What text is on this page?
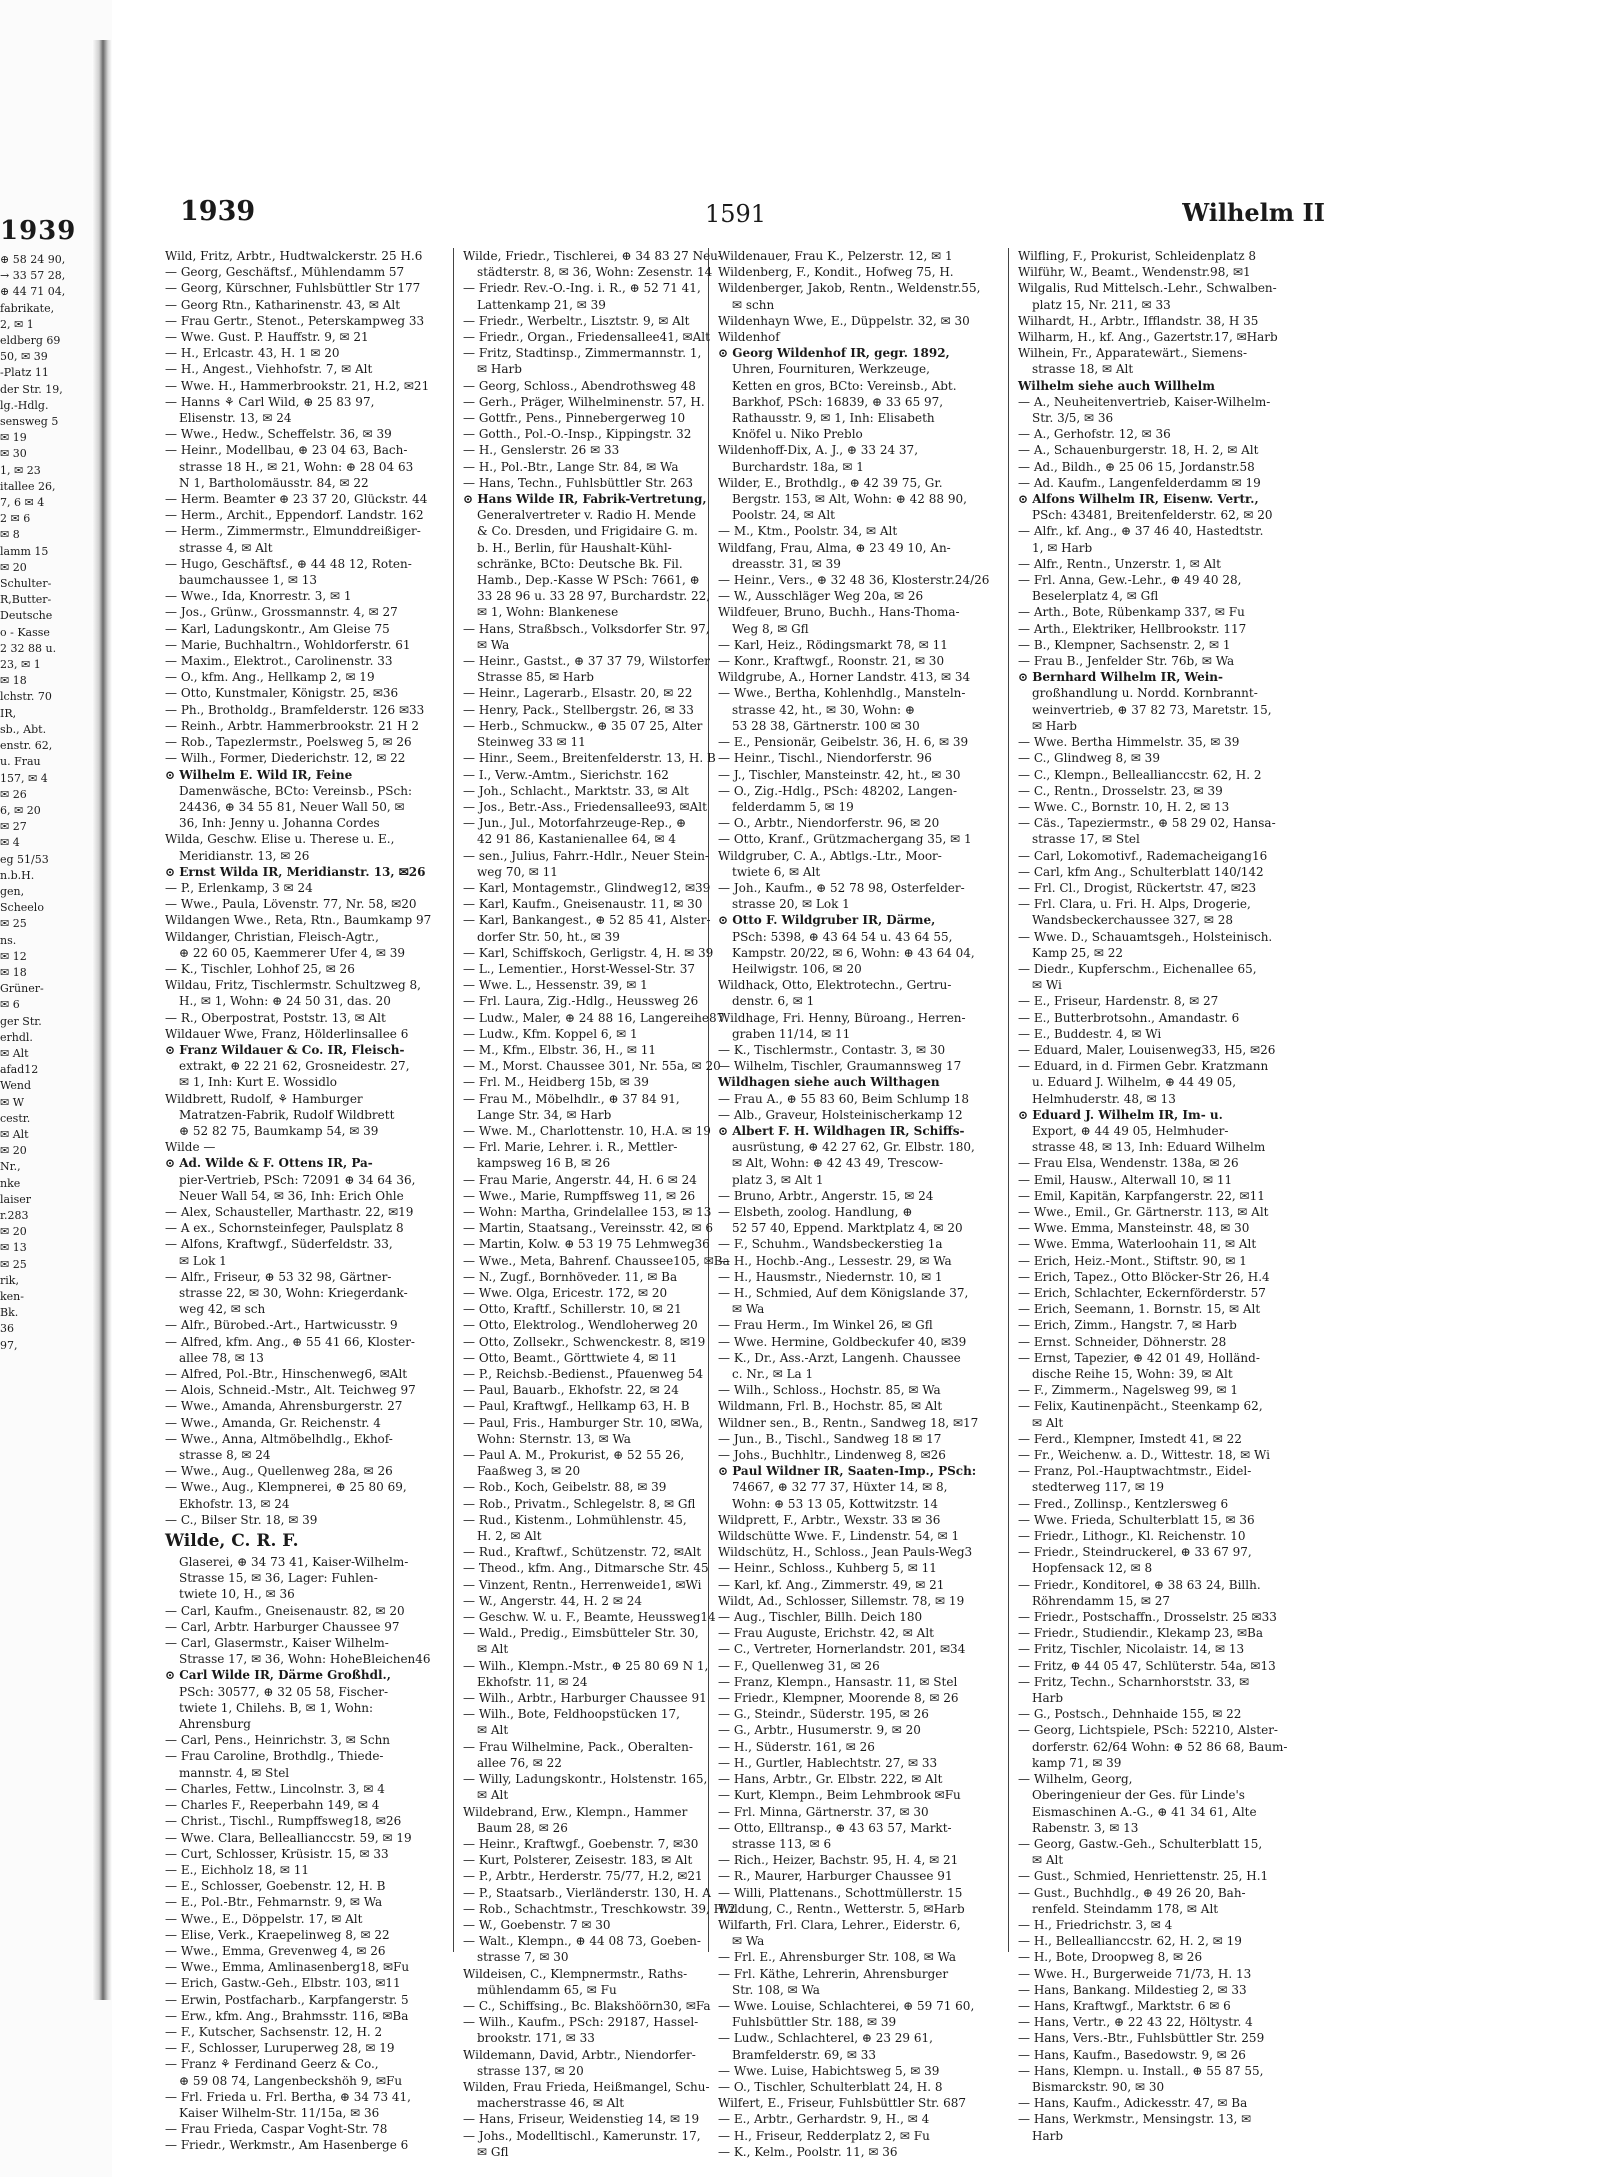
1939
⊕ 58 24 90,
→ 33 57 28,
⊕ 44 71 04,
fabrikate,
2, ✉ 1
eldberg 69
50, ✉ 39
-Platz 11
der Str. 19,
lg.-Hdlg.
sensweg 5
✉ 19
✉ 30
1, ✉ 23
itallee 26,
7, 6 ✉ 4
2 ✉ 6
✉ 8
lamm 15
✉ 20
Schulter-
R,Butter-
Deutsche
o - Kasse
2 32 88 u.
23, ✉ 1
✉ 18
lchstr. 70
IR,
sb., Abt.
enstr. 62,
u. Frau
157, ✉ 4
✉ 26
6, ✉ 20
✉ 27
✉ 4
eg 51/53
n.b.H.
gen,
Scheelo
✉ 25
ns.
✉ 12
✉ 18
Grüner-
✉ 6
ger Str.
erhdl.
✉ Alt
afad12
Wend
✉ W
cestr.
✉ Alt
✉ 20
Nr.,
nke
laiser
r.283
✉ 20
✉ 13
✉ 25
rik,
ken-
Bk.
36
97,
1939	1591	Wilhelm II
Wild, Fritz, Arbtr., Hudtwalckerstr. 25 H.6
— Georg, Geschäftsf., Mühlendamm 57
— Georg, Kürschner, Fuhlsbüttler Str 177
— Georg Rtn., Katharinenstr. 43, ✉ Alt
— Frau Gertr., Stenot., Peterskampweg 33
— Wwe. Gust. P. Hauffstr. 9, ✉ 21
— H., Erlcastr. 43, H. 1 ✉ 20
— H., Angest., Viehhofstr. 7, ✉ Alt
— Wwe. H., Hammerbrookstr. 21, H.2, ✉21
— Hanns ⚘ Carl Wild, ⊕ 25 83 97,
Elisenstr. 13, ✉ 24
— Wwe., Hedw., Scheffelstr. 36, ✉ 39
— Heinr., Modellbau, ⊕ 23 04 63, Bach-
strasse 18 H., ✉ 21, Wohn: ⊕ 28 04 63
N 1, Bartholomäusstr. 84, ✉ 22
— Herm. Beamter ⊕ 23 37 20, Glückstr. 44
— Herm., Archit., Eppendorf. Landstr. 162
— Herm., Zimmermstr., Elmunddreißiger-
strasse 4, ✉ Alt
— Hugo, Geschäftsf., ⊕ 44 48 12, Roten-
baumchaussee 1, ✉ 13
— Wwe., Ida, Knorrestr. 3, ✉ 1
— Jos., Grünw., Grossmannstr. 4, ✉ 27
— Karl, Ladungskontr., Am Gleise 75
— Marie, Buchhaltrn., Wohldorferstr. 61
— Maxim., Elektrot., Carolinenstr. 33
— O., kfm. Ang., Hellkamp 2, ✉ 19
— Otto, Kunstmaler, Königstr. 25, ✉36
— Ph., Brotholdg., Bramfelderstr. 126 ✉33
— Reinh., Arbtr. Hammerbrookstr. 21 H 2
— Rob., Tapezlermstr., Poelsweg 5, ✉ 26
— Wilh., Former, Diederichstr. 12, ✉ 22
⊙ Wilhelm E. Wild IR, Feine
Damenwäsche, BCto: Vereinsb., PSch:
24436, ⊕ 34 55 81, Neuer Wall 50, ✉
36, Inh: Jenny u. Johanna Cordes
Wilda, Geschw. Elise u. Therese u. E.,
Meridianstr. 13, ✉ 26
⊙ Ernst Wilda IR, Meridianstr. 13, ✉26
— P., Erlenkamp, 3 ✉ 24
— Wwe., Paula, Lövenstr. 77, Nr. 58, ✉20
Wildangen Wwe., Reta, Rtn., Baumkamp 97
Wildanger, Christian, Fleisch-Agtr.,
⊕ 22 60 05, Kaemmerer Ufer 4, ✉ 39
— K., Tischler, Lohhof 25, ✉ 26
Wildau, Fritz, Tischlermstr. Schultzweg 8,
H., ✉ 1, Wohn: ⊕ 24 50 31, das. 20
— R., Oberpostrat, Poststr. 13, ✉ Alt
Wildauer Wwe, Franz, Hölderlinsallee 6
⊙ Franz Wildauer & Co. IR, Fleisch-
extrakt, ⊕ 22 21 62, Grosneidestr. 27,
✉ 1, Inh: Kurt E. Wossidlo
Wildbrett, Rudolf, ⚘ Hamburger
Matratzen-Fabrik, Rudolf Wildbrett
⊕ 52 82 75, Baumkamp 54, ✉ 39
Wilde —
⊙ Ad. Wilde & F. Ottens IR, Pa-
pier-Vertrieb, PSch: 72091 ⊕ 34 64 36,
Neuer Wall 54, ✉ 36, Inh: Erich Ohle
— Alex, Schausteller, Marthastr. 22, ✉19
— A ex., Schornsteinfeger, Paulsplatz 8
— Alfons, Kraftwgf., Süderfeldstr. 33,
✉ Lok 1
— Alfr., Friseur, ⊕ 53 32 98, Gärtner-
strasse 22, ✉ 30, Wohn: Kriegerdank-
weg 42, ✉ sch
— Alfr., Bürobed.-Art., Hartwicusstr. 9
— Alfred, kfm. Ang., ⊕ 55 41 66, Kloster-
allee 78, ✉ 13
— Alfred, Pol.-Btr., Hinschenweg6, ✉Alt
— Alois, Schneid.-Mstr., Alt. Teichweg 97
— Wwe., Amanda, Ahrensburgerstr. 27
— Wwe., Amanda, Gr. Reichenstr. 4
— Wwe., Anna, Altmöbelhdlg., Ekhof-
strasse 8, ✉ 24
— Wwe., Aug., Quellenweg 28a, ✉ 26
— Wwe., Aug., Klempnerei, ⊕ 25 80 69,
Ekhofstr. 13, ✉ 24
— C., Bilser Str. 18, ✉ 39
Wilde, C. R. F.
Glaserei, ⊕ 34 73 41, Kaiser-Wilhelm-
Strasse 15, ✉ 36, Lager: Fuhlen-
twiete 10, H., ✉ 36
— Carl, Kaufm., Gneisenaustr. 82, ✉ 20
— Carl, Arbtr. Harburger Chaussee 97
— Carl, Glasermstr., Kaiser Wilhelm-
Strasse 17, ✉ 36, Wohn: HoheBleichen46
⊙ Carl Wilde IR, Därme Großhdl.,
PSch: 30577, ⊕ 32 05 58, Fischer-
twiete 1, Chilehs. B, ✉ 1, Wohn:
Ahrensburg
— Carl, Pens., Heinrichstr. 3, ✉ Schn
— Frau Caroline, Brothdlg., Thiede-
mannstr. 4, ✉ Stel
— Charles, Fettw., Lincolnstr. 3, ✉ 4
— Charles F., Reeperbahn 149, ✉ 4
— Christ., Tischl., Rumpffsweg18, ✉26
— Wwe. Clara, Belleallianccstr. 59, ✉ 19
— Curt, Schlosser, Krüsistr. 15, ✉ 33
— E., Eichholz 18, ✉ 11
— E., Schlosser, Goebenstr. 12, H. B
— E., Pol.-Btr., Fehmarnstr. 9, ✉ Wa
— Wwe., E., Döppelstr. 17, ✉ Alt
— Elise, Verk., Kraepelinweg 8, ✉ 22
— Wwe., Emma, Grevenweg 4, ✉ 26
— Wwe., Emma, Amlinasenberg18, ✉Fu
— Erich, Gastw.-Geh., Elbstr. 103, ✉11
— Erwin, Postfacharb., Karpfangerstr. 5
— Erw., kfm. Ang., Brahmsstr. 116, ✉Ba
— F., Kutscher, Sachsenstr. 12, H. 2
— F., Schlosser, Luruperweg 28, ✉ 19
— Franz ⚘ Ferdinand Geerz & Co.,
⊕ 59 08 74, Langenbeckshöh 9, ✉Fu
— Frl. Frieda u. Frl. Bertha, ⊕ 34 73 41,
Kaiser Wilhelm-Str. 11/15a, ✉ 36
— Frau Frieda, Caspar Voght-Str. 78
— Friedr., Werkmstr., Am Hasenberge 6
Wilde, Friedr., Tischlerei, ⊕ 34 83 27 Neu-
städterstr. 8, ✉ 36, Wohn: Zesenstr. 14
— Friedr. Rev.-O.-Ing. i. R., ⊕ 52 71 41,
Lattenkamp 21, ✉ 39
— Friedr., Werbeltr., Lisztstr. 9, ✉ Alt
— Friedr., Organ., Friedensallee41, ✉Alt
— Fritz, Stadtinsp., Zimmermannstr. 1,
✉ Harb
— Georg, Schloss., Abendrothsweg 48
— Gerh., Präger, Wilhelminenstr. 57, H.
— Gottfr., Pens., Pinnebergerweg 10
— Gotth., Pol.-O.-Insp., Kippingstr. 32
— H., Genslerstr. 26 ✉ 33
— H., Pol.-Btr., Lange Str. 84, ✉ Wa
— Hans, Techn., Fuhlsbüttler Str. 263
⊙ Hans Wilde IR, Fabrik-Vertretung,
Generalvertreter v. Radio H. Mende
& Co. Dresden, und Frigidaire G. m.
b. H., Berlin, für Haushalt-Kühl-
schränke, BCto: Deutsche Bk. Fil.
Hamb., Dep.-Kasse W PSch: 7661, ⊕
33 28 96 u. 33 28 97, Burchardstr. 22,
✉ 1, Wohn: Blankenese
— Hans, Straßbsch., Volksdorfer Str. 97,
✉ Wa
— Heinr., Gastst., ⊕ 37 37 79, Wilstorfer
Strasse 85, ✉ Harb
— Heinr., Lagerarb., Elsastr. 20, ✉ 22
— Henry, Pack., Stellbergstr. 26, ✉ 33
— Herb., Schmuckw., ⊕ 35 07 25, Alter
Steinweg 33 ✉ 11
— Hinr., Seem., Breitenfelderstr. 13, H. B
— I., Verw.-Amtm., Sierichstr. 162
— Joh., Schlacht., Marktstr. 33, ✉ Alt
— Jos., Betr.-Ass., Friedensallee93, ✉Alt
— Jun., Jul., Motorfahrzeuge-Rep., ⊕
42 91 86, Kastanienallee 64, ✉ 4
— sen., Julius, Fahrr.-Hdlr., Neuer Stein-
weg 70, ✉ 11
— Karl, Montagemstr., Glindweg12, ✉39
— Karl, Kaufm., Gneisenaustr. 11, ✉ 30
— Karl, Bankangest., ⊕ 52 85 41, Alster-
dorfer Str. 50, ht., ✉ 39
— Karl, Schiffskoch, Gerligstr. 4, H. ✉ 39
— L., Lementier., Horst-Wessel-Str. 37
— Wwe. L., Hessenstr. 39, ✉ 1
— Frl. Laura, Zig.-Hdlg., Heussweg 26
— Ludw., Maler, ⊕ 24 88 16, Langereihe87
— Ludw., Kfm. Koppel 6, ✉ 1
— M., Kfm., Elbstr. 36, H., ✉ 11
— M., Morst. Chaussee 301, Nr. 55a, ✉ 20
— Frl. M., Heidberg 15b, ✉ 39
— Frau M., Möbelhdlr., ⊕ 37 84 91,
Lange Str. 34, ✉ Harb
— Wwe. M., Charlottenstr. 10, H.A. ✉ 19
— Frl. Marie, Lehrer. i. R., Mettler-
kampsweg 16 B, ✉ 26
— Frau Marie, Angerstr. 44, H. 6 ✉ 24
— Wwe., Marie, Rumpffsweg 11, ✉ 26
— Wohn: Martha, Grindelallee 153, ✉ 13
— Martin, Staatsang., Vereinsstr. 42, ✉ 6
— Martin, Kolw. ⊕ 53 19 75 Lehmweg36
— Wwe., Meta, Bahrenf. Chaussee105, ✉Ba
— N., Zugf., Bornhöveder. 11, ✉ Ba
— Wwe. Olga, Ericestr. 172, ✉ 20
— Otto, Kraftf., Schillerstr. 10, ✉ 21
— Otto, Elektrolog., Wendloherweg 20
— Otto, Zollsekr., Schwenckestr. 8, ✉19
— Otto, Beamt., Görttwiete 4, ✉ 11
— P., Reichsb.-Bedienst., Pfauenweg 54
— Paul, Bauarb., Ekhofstr. 22, ✉ 24
— Paul, Kraftwgf., Hellkamp 63, H. B
— Paul, Fris., Hamburger Str. 10, ✉Wa,
Wohn: Sternstr. 13, ✉ Wa
— Paul A. M., Prokurist, ⊕ 52 55 26,
Faaßweg 3, ✉ 20
— Rob., Koch, Geibelstr. 88, ✉ 39
— Rob., Privatm., Schlegelstr. 8, ✉ Gfl
— Rud., Kistenm., Lohmühlenstr. 45,
H. 2, ✉ Alt
— Rud., Kraftwf., Schützenstr. 72, ✉Alt
— Theod., kfm. Ang., Ditmarsche Str. 45
— Vinzent, Rentn., Herrenweide1, ✉Wi
— W., Angerstr. 44, H. 2 ✉ 24
— Geschw. W. u. F., Beamte, Heussweg14
— Wald., Predig., Eimsbütteler Str. 30,
✉ Alt
— Wilh., Klempn.-Mstr., ⊕ 25 80 69 N 1,
Ekhofstr. 11, ✉ 24
— Wilh., Arbtr., Harburger Chaussee 91
— Wilh., Bote, Feldhoopstücken 17,
✉ Alt
— Frau Wilhelmine, Pack., Oberalten-
allee 76, ✉ 22
— Willy, Ladungskontr., Holstenstr. 165,
✉ Alt
Wildebrand, Erw., Klempn., Hammer
Baum 28, ✉ 26
— Heinr., Kraftwgf., Goebenstr. 7, ✉30
— Kurt, Polsterer, Zeisestr. 183, ✉ Alt
— P., Arbtr., Herderstr. 75/77, H.2, ✉21
— P., Staatsarb., Vierländerstr. 130, H. A
— Rob., Schachtmstr., Treschkowstr. 39, H.2
— W., Goebenstr. 7 ✉ 30
— Walt., Klempn., ⊕ 44 08 73, Goeben-
strasse 7, ✉ 30
Wildeisen, C., Klempnermstr., Raths-
mühlendamm 65, ✉ Fu
— C., Schiffsing., Bc. Blakshöörn30, ✉Fa
— Wilh., Kaufm., PSch: 29187, Hassel-
brookstr. 171, ✉ 33
Wildemann, David, Arbtr., Niendorfer-
strasse 137, ✉ 20
Wilden, Frau Frieda, Heißmangel, Schu-
macherstrasse 46, ✉ Alt
— Hans, Friseur, Weidenstieg 14, ✉ 19
— Johs., Modelltischl., Kamerunstr. 17,
✉ Gfl
Wildenauer, Frau K., Pelzerstr. 12, ✉ 1
Wildenberg, F., Kondit., Hofweg 75, H.
Wildenberger, Jakob, Rentn., Weldenstr.55,
✉ schn
Wildenhayn Wwe, E., Düppelstr. 32, ✉ 30
Wildenhof
⊙ Georg Wildenhof IR, gegr. 1892,
Uhren, Fournituren, Werkzeuge,
Ketten en gros, BCto: Vereinsb., Abt.
Barkhof, PSch: 16839, ⊕ 33 65 97,
Rathausstr. 9, ✉ 1, Inh: Elisabeth
Knöfel u. Niko Preblo
Wildenhoff-Dix, A. J., ⊕ 33 24 37,
Burchardstr. 18a, ✉ 1
Wilder, E., Brothdlg., ⊕ 42 39 75, Gr.
Bergstr. 153, ✉ Alt, Wohn: ⊕ 42 88 90,
Poolstr. 24, ✉ Alt
— M., Ktm., Poolstr. 34, ✉ Alt
Wildfang, Frau, Alma, ⊕ 23 49 10, An-
dreasstr. 31, ✉ 39
— Heinr., Vers., ⊕ 32 48 36, Klosterstr.24/26
— W., Ausschläger Weg 20a, ✉ 26
Wildfeuer, Bruno, Buchh., Hans-Thoma-
Weg 8, ✉ Gfl
— Karl, Heiz., Rödingsmarkt 78, ✉ 11
— Konr., Kraftwgf., Roonstr. 21, ✉ 30
Wildgrube, A., Horner Landstr. 413, ✉ 34
— Wwe., Bertha, Kohlenhdlg., Mansteln-
strasse 42, ht., ✉ 30, Wohn: ⊕
53 28 38, Gärtnerstr. 100 ✉ 30
— E., Pensionär, Geibelstr. 36, H. 6, ✉ 39
— Heinr., Tischl., Niendorferstr. 96
— J., Tischler, Mansteinstr. 42, ht., ✉ 30
— O., Zig.-Hdlg., PSch: 48202, Langen-
felderdamm 5, ✉ 19
— O., Arbtr., Niendorferstr. 96, ✉ 20
— Otto, Kranf., Grützmachergang 35, ✉ 1
Wildgruber, C. A., Abtlgs.-Ltr., Moor-
twiete 6, ✉ Alt
— Joh., Kaufm., ⊕ 52 78 98, Osterfelder-
strasse 20, ✉ Lok 1
⊙ Otto F. Wildgruber IR, Därme,
PSch: 5398, ⊕ 43 64 54 u. 43 64 55,
Kampstr. 20/22, ✉ 6, Wohn: ⊕ 43 64 04,
Heilwigstr. 106, ✉ 20
Wildhack, Otto, Elektrotechn., Gertru-
denstr. 6, ✉ 1
Wildhage, Fri. Henny, Büroang., Herren-
graben 11/14, ✉ 11
— K., Tischlermstr., Contastr. 3, ✉ 30
— Wilhelm, Tischler, Graumannsweg 17
Wildhagen siehe auch Wilthagen
— Frau A., ⊕ 55 83 60, Beim Schlump 18
— Alb., Graveur, Holsteinischerkamp 12
⊙ Albert F. H. Wildhagen IR, Schiffs-
ausrüstung, ⊕ 42 27 62, Gr. Elbstr. 180,
✉ Alt, Wohn: ⊕ 42 43 49, Trescow-
platz 3, ✉ Alt 1
— Bruno, Arbtr., Angerstr. 15, ✉ 24
— Elsbeth, zoolog. Handlung, ⊕
52 57 40, Eppend. Marktplatz 4, ✉ 20
— F., Schuhm., Wandsbeckerstieg 1a
— H., Hochb.-Ang., Lessestr. 29, ✉ Wa
— H., Hausmstr., Niedernstr. 10, ✉ 1
— H., Schmied, Auf dem Königslande 37,
✉ Wa
— Frau Herm., Im Winkel 26, ✉ Gfl
— Wwe. Hermine, Goldbeckufer 40, ✉39
— K., Dr., Ass.-Arzt, Langenh. Chaussee
c. Nr., ✉ La 1
— Wilh., Schloss., Hochstr. 85, ✉ Wa
Wildmann, Frl. B., Hochstr. 85, ✉ Alt
Wildner sen., B., Rentn., Sandweg 18, ✉17
— Jun., B., Tischl., Sandweg 18 ✉ 17
— Johs., Buchhltr., Lindenweg 8, ✉26
⊙ Paul Wildner IR, Saaten-Imp., PSch:
74667, ⊕ 32 77 37, Hüxter 14, ✉ 8,
Wohn: ⊕ 53 13 05, Kottwitzstr. 14
Wildprett, F., Arbtr., Wexstr. 33 ✉ 36
Wildschütte Wwe. F., Lindenstr. 54, ✉ 1
Wildschütz, H., Schloss., Jean Pauls-Weg3
— Heinr., Schloss., Kuhberg 5, ✉ 11
— Karl, kf. Ang., Zimmerstr. 49, ✉ 21
Wildt, Ad., Schlosser, Sillemstr. 78, ✉ 19
— Aug., Tischler, Billh. Deich 180
— Frau Auguste, Erichstr. 42, ✉ Alt
— C., Vertreter, Hornerlandstr. 201, ✉34
— F., Quellenweg 31, ✉ 26
— Franz, Klempn., Hansastr. 11, ✉ Stel
— Friedr., Klempner, Moorende 8, ✉ 26
— G., Steindr., Süderstr. 195, ✉ 26
— G., Arbtr., Husumerstr. 9, ✉ 20
— H., Süderstr. 161, ✉ 26
— H., Gurtler, Hablechtstr. 27, ✉ 33
— Hans, Arbtr., Gr. Elbstr. 222, ✉ Alt
— Kurt, Klempn., Beim Lehmbrook ✉Fu
— Frl. Minna, Gärtnerstr. 37, ✉ 30
— Otto, Elltransp., ⊕ 43 63 57, Markt-
strasse 113, ✉ 6
— Rich., Heizer, Bachstr. 95, H. 4, ✉ 21
— R., Maurer, Harburger Chaussee 91
— Willi, Plattenans., Schottmüllerstr. 15
Wildung, C., Rentn., Wetterstr. 5, ✉Harb
Wilfarth, Frl. Clara, Lehrer., Eiderstr. 6,
✉ Wa
— Frl. E., Ahrensburger Str. 108, ✉ Wa
— Frl. Käthe, Lehrerin, Ahrensburger
Str. 108, ✉ Wa
— Wwe. Louise, Schlachterei, ⊕ 59 71 60,
Fuhlsbüttler Str. 188, ✉ 39
— Ludw., Schlachterel, ⊕ 23 29 61,
Bramfelderstr. 69, ✉ 33
— Wwe. Luise, Habichtsweg 5, ✉ 39
— O., Tischler, Schulterblatt 24, H. 8
Wilfert, E., Friseur, Fuhlsbüttler Str. 687
— E., Arbtr., Gerhardstr. 9, H., ✉ 4
— H., Friseur, Redderplatz 2, ✉ Fu
— K., Kelm., Poolstr. 11, ✉ 36
Wilfling, F., Prokurist, Schleidenplatz 8
Wilführ, W., Beamt., Wendenstr.98, ✉1
Wilgalis, Rud Mittelsch.-Lehr., Schwalben-
platz 15, Nr. 211, ✉ 33
Wilhardt, H., Arbtr., Ifflandstr. 38, H 35
Wilharm, H., kf. Ang., Gazertstr.17, ✉Harb
Wilhein, Fr., Apparatewärt., Siemens-
strasse 18, ✉ Alt
Wilhelm siehe auch Willhelm
— A., Neuheitenvertrieb, Kaiser-Wilhelm-
Str. 3/5, ✉ 36
— A., Gerhofstr. 12, ✉ 36
— A., Schauenburgerstr. 18, H. 2, ✉ Alt
— Ad., Bildh., ⊕ 25 06 15, Jordanstr.58
— Ad. Kaufm., Langenfelderdamm ✉ 19
⊙ Alfons Wilhelm IR, Eisenw. Vertr.,
PSch: 43481, Breitenfelderstr. 62, ✉ 20
— Alfr., kf. Ang., ⊕ 37 46 40, Hastedtstr.
1, ✉ Harb
— Alfr., Rentn., Unzerstr. 1, ✉ Alt
— Frl. Anna, Gew.-Lehr., ⊕ 49 40 28,
Beselerplatz 4, ✉ Gfl
— Arth., Bote, Rübenkamp 337, ✉ Fu
— Arth., Elektriker, Hellbrookstr. 117
— B., Klempner, Sachsenstr. 2, ✉ 1
— Frau B., Jenfelder Str. 76b, ✉ Wa
⊙ Bernhard Wilhelm IR, Wein-
großhandlung u. Nordd. Kornbrannt-
weinvertrieb, ⊕ 37 82 73, Maretstr. 15,
✉ Harb
— Wwe. Bertha Himmelstr. 35, ✉ 39
— C., Glindweg 8, ✉ 39
— C., Klempn., Belleallianccstr. 62, H. 2
— C., Rentn., Drosselstr. 23, ✉ 39
— Wwe. C., Bornstr. 10, H. 2, ✉ 13
— Cäs., Tapeziermstr., ⊕ 58 29 02, Hansa-
strasse 17, ✉ Stel
— Carl, Lokomotivf., Rademacheigang16
— Carl, kfm Ang., Schulterblatt 140/142
— Frl. Cl., Drogist, Rückertstr. 47, ✉23
— Frl. Clara, u. Fri. H. Alps, Drogerie,
Wandsbeckerchaussee 327, ✉ 28
— Wwe. D., Schauamtsgeh., Holsteinisch.
Kamp 25, ✉ 22
— Diedr., Kupferschm., Eichenallee 65,
✉ Wi
— E., Friseur, Hardenstr. 8, ✉ 27
— E., Butterbrotsohn., Amandastr. 6
— E., Buddestr. 4, ✉ Wi
— Eduard, Maler, Louisenweg33, H5, ✉26
— Eduard, in d. Firmen Gebr. Kratzmann
u. Eduard J. Wilhelm, ⊕ 44 49 05,
Helmhuderstr. 48, ✉ 13
⊙ Eduard J. Wilhelm IR, Im- u.
Export, ⊕ 44 49 05, Helmhuder-
strasse 48, ✉ 13, Inh: Eduard Wilhelm
— Frau Elsa, Wendenstr. 138a, ✉ 26
— Emil, Hausw., Alterwall 10, ✉ 11
— Emil, Kapitän, Karpfangerstr. 22, ✉11
— Wwe., Emil., Gr. Gärtnerstr. 113, ✉ Alt
— Wwe. Emma, Mansteinstr. 48, ✉ 30
— Wwe. Emma, Waterloohain 11, ✉ Alt
— Erich, Heiz.-Mont., Stiftstr. 90, ✉ 1
— Erich, Tapez., Otto Blöcker-Str 26, H.4
— Erich, Schlachter, Eckernförderstr. 57
— Erich, Seemann, 1. Bornstr. 15, ✉ Alt
— Erich, Zimm., Hangstr. 7, ✉ Harb
— Ernst. Schneider, Döhnerstr. 28
— Ernst, Tapezier, ⊕ 42 01 49, Holländ-
dische Reihe 15, Wohn: 39, ✉ Alt
— F., Zimmerm., Nagelsweg 99, ✉ 1
— Felix, Kautinenpächt., Steenkamp 62,
✉ Alt
— Ferd., Klempner, Imstedt 41, ✉ 22
— Fr., Weichenw. a. D., Wittestr. 18, ✉ Wi
— Franz, Pol.-Hauptwachtmstr., Eidel-
stedterweg 117, ✉ 19
— Fred., Zollinsp., Kentzlersweg 6
— Wwe. Frieda, Schulterblatt 15, ✉ 36
— Friedr., Lithogr., Kl. Reichenstr. 10
— Friedr., Steindruckerel, ⊕ 33 67 97,
Hopfensack 12, ✉ 8
— Friedr., Konditorel, ⊕ 38 63 24, Billh.
Röhrendamm 15, ✉ 27
— Friedr., Postschaffn., Drosselstr. 25 ✉33
— Friedr., Studiendir., Klekamp 23, ✉Ba
— Fritz, Tischler, Nicolaistr. 14, ✉ 13
— Fritz, ⊕ 44 05 47, Schlüterstr. 54a, ✉13
— Fritz, Techn., Scharnhorststr. 33, ✉
Harb
— G., Postsch., Dehnhaide 155, ✉ 22
— Georg, Lichtspiele, PSch: 52210, Alster-
dorferstr. 62/64 Wohn: ⊕ 52 86 68, Baum-
kamp 71, ✉ 39
— Wilhelm, Georg,
Oberingenieur der Ges. für Linde's
Eismaschinen A.-G., ⊕ 41 34 61, Alte
Rabenstr. 3, ✉ 13
— Georg, Gastw.-Geh., Schulterblatt 15,
✉ Alt
— Gust., Schmied, Henriettenstr. 25, H.1
— Gust., Buchhdlg., ⊕ 49 26 20, Bah-
renfeld. Steindamm 178, ✉ Alt
— H., Friedrichstr. 3, ✉ 4
— H., Belleallianccstr. 62, H. 2, ✉ 19
— H., Bote, Droopweg 8, ✉ 26
— Wwe. H., Burgerweide 71/73, H. 13
— Hans, Bankang. Mildestieg 2, ✉ 33
— Hans, Kraftwgf., Marktstr. 6 ✉ 6
— Hans, Vertr., ⊕ 22 43 22, Höltystr. 4
— Hans, Vers.-Btr., Fuhlsbüttler Str. 259
— Hans, Kaufm., Basedowstr. 9, ✉ 26
— Hans, Klempn. u. Install., ⊕ 55 87 55,
Bismarckstr. 90, ✉ 30
— Hans, Kaufm., Adickesstr. 47, ✉ Ba
— Hans, Werkmstr., Mensingstr. 13, ✉
Harb
